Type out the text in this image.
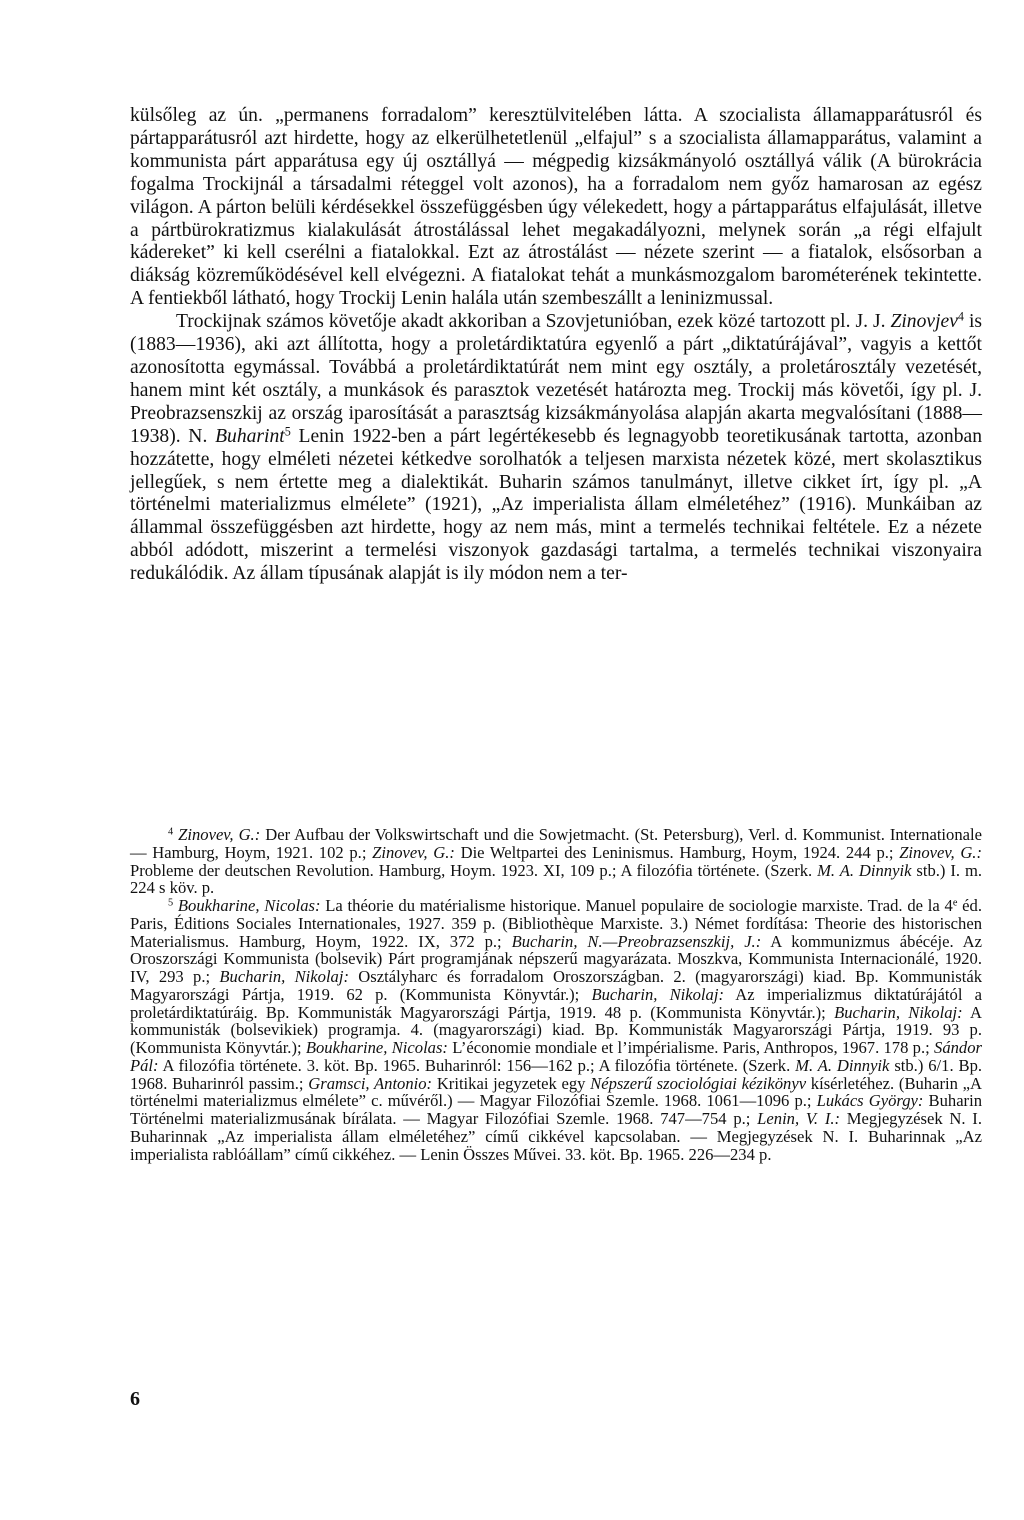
külsőleg az ún. „permanens forradalom” keresztülvitelében látta. A szocialista államapparátusról és pártapparátusról azt hirdette, hogy az elkerülhetetlenül „elfajul” s a szocialista államapparátus, valamint a kommunista párt apparátusa egy új osztállyá — mégpedig kizsákmányoló osztállyá válik (A bürokrácia fogalma Trockijnál a társadalmi réteggel volt azonos), ha a forradalom nem győz hamarosan az egész világon. A párton belüli kérdésekkel összefüggésben úgy vélekedett, hogy a pártapparátus elfajulását, illetve a pártbürokratizmus kialakulását átrostálással lehet megakadályozni, melynek során „a régi elfajult kádereket” ki kell cserélni a fiatalokkal. Ezt az átrostálást — nézete szerint — a fiatalok, elsősorban a diákság közreműködésével kell elvégezni. A fiatalokat tehát a munkásmozgalom barométerének tekintette. A fentiekből látható, hogy Trockij Lenin halála után szembeszállt a leninizmussal.

Trockijnak számos követője akadt akkoriban a Szovjetunióban, ezek közé tartozott pl. J. J. Zinovjev$^4$ is (1883—1936), aki azt állította, hogy a proletárdiktatúra egyenlő a párt „diktatúrájával”, vagyis a kettőt azonosította egymással. Továbbá a proletárdiktatúrát nem mint egy osztály, a proletárosztály vezetését, hanem mint két osztály, a munkások és parasztok vezetését határozta meg. Trockij más követői, így pl. J. Preobrazsenszkij az ország iparosítását a parasztság kizsákmányolása alapján akarta megvalósítani (1888—1938). N. Buharint$^5$ Lenin 1922-ben a párt legértékesebb és legnagyobb teoretikusának tartotta, azonban hozzátette, hogy elméleti nézetei kétkedve sorolhatók a teljesen marxista nézetek közé, mert skolasztikus jellegűek, s nem értette meg a dialektikát. Buharin számos tanulmányt, illetve cikket írt, így pl. „A történelmi materializmus elmélete” (1921), „Az imperialista állam elméletéhez” (1916). Munkáiban az állammal összefüggésben azt hirdette, hogy az nem más, mint a termelés technikai feltétele. Ez a nézete abból adódott, miszerint a termelési viszonyok gazdasági tartalma, a termelés technikai viszonyaira redukálódik. Az állam típusának alapját is ily módon nem a ter-

$^4$ Zinovev, G.: Der Aufbau der Volkswirtschaft und die Sowjetmacht. (St. Petersburg), Verl. d. Kommunist. Internationale — Hamburg, Hoym, 1921. 102 p.; Zinovev, G.: Die Weltpartei des Leninismus. Hamburg, Hoym, 1924. 244 p.; Zinovev, G.: Probleme der deutschen Revolution. Hamburg, Hoym. 1923. XI, 109 p.; A filozófia története. (Szerk. M. A. Dinnyik stb.) I. m. 224 s köv. p.

$^5$ Boukharine, Nicolas: La théorie du matérialisme historique. Manuel populaire de sociologie marxiste. Trad. de la 4e éd. Paris, Éditions Sociales Internationales, 1927. 359 p. (Bibliothèque Marxiste. 3.) Német fordítása: Theorie des historischen Materialismus. Hamburg, Hoym, 1922. IX, 372 p.; Bucharin, N.—Preobrazsenszkij, J.: A kommunizmus ábécéje. Az Oroszországi Kommunista (bolsevik) Párt programjának népszerű magyarázata. Moszkva, Kommunista Internacionálé, 1920. IV, 293 p.; Bucharin, Nikolaj: Osztályharc és forradalom Oroszországban. 2. (magyarországi) kiad. Bp. Kommunisták Magyarországi Pártja, 1919. 62 p. (Kommunista Könyvtár.); Bucharin, Nikolaj: Az imperializmus diktatúrájától a proletárdiktatúráig. Bp. Kommunisták Magyarországi Pártja, 1919. 48 p. (Kommunista Könyvtár.); Bucharin, Nikolaj: A kommunisták (bolsevikiek) programja. 4. (magyarországi) kiad. Bp. Kommunisták Magyarországi Pártja, 1919. 93 p. (Kommunista Könyvtár.); Boukharine, Nicolas: L’économie mondiale et l’impérialisme. Paris, Anthropos, 1967. 178 p.; Sándor Pál: A filozófia története. 3. köt. Bp. 1965. Buharinról: 156—162 p.; A filozófia története. (Szerk. M. A. Dinnyik stb.) 6/1. Bp. 1968. Buharinról passim.; Gramsci, Antonio: Kritikai jegyzetek egy Népszerű szociológiai kézikönyv kísérletéhez. (Buharin „A történelmi materializmus elmélete” c. művéről.) — Magyar Filozófiai Szemle. 1968. 1061—1096 p.; Lukács György: Buharin Történelmi materializmusának bírálata. — Magyar Filozófiai Szemle. 1968. 747—754 p.; Lenin, V. I.: Megjegyzések N. I. Buharinnak „Az imperialista állam elméletéhez” című cikkével kapcsolaban. — Megjegyzések N. I. Buharinnak „Az imperialista rablóállam” című cikkéhez. — Lenin Összes Művei. 33. köt. Bp. 1965. 226—234 p.

6
